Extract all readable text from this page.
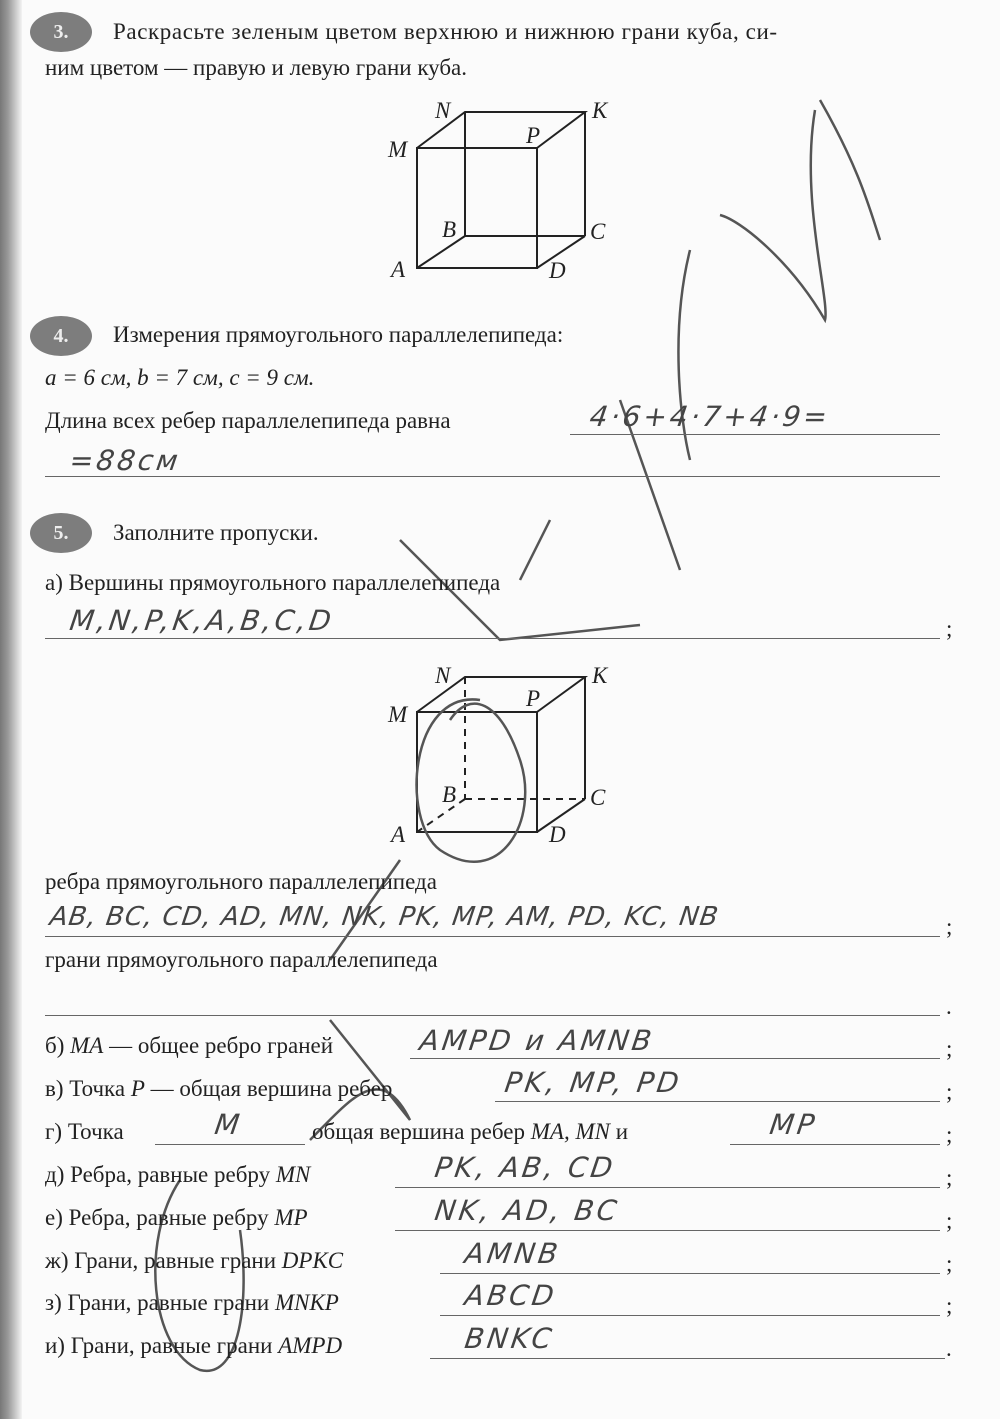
3.	Раскрасьте зеленым цветом верхнюю и нижнюю грани куба, си-
ним цветом — правую и левую грани куба.
N	K
M
P
B	C
A	D
4.	Измерения прямоугольного параллелепипеда:
a = 6 см, b = 7 см, c = 9 см.
Длина всех ребер параллелепипеда равна	4·6+4·7+4·9=
=88см
5.	Заполните пропуски.
а) Вершины прямоугольного параллелепипеда
M,N,P,K,A,B,C,D	;
N	K
M
P
B	C
A	D
ребра прямоугольного параллелепипеда
AB, BC, CD, AD, MN, NK, PK, MP, AM, PD, KC, NB	;
грани прямоугольного параллелепипеда
.
б) MA — общее ребро граней	AMPD и AMNB	;
в) Точка P — общая вершина ребер	PK, MP, PD	;
г) Точка	M	общая вершина ребер MA, MN и	MP	;
д) Ребра, равные ребру MN	PK, AB, CD	;
е) Ребра, равные ребру MP	NK, AD, BC	;
ж) Грани, равные грани DPKC	AMNB	;
з) Грани, равные грани MNKP	ABCD	;
и) Грани, равные грани AMPD	BNKC	.
